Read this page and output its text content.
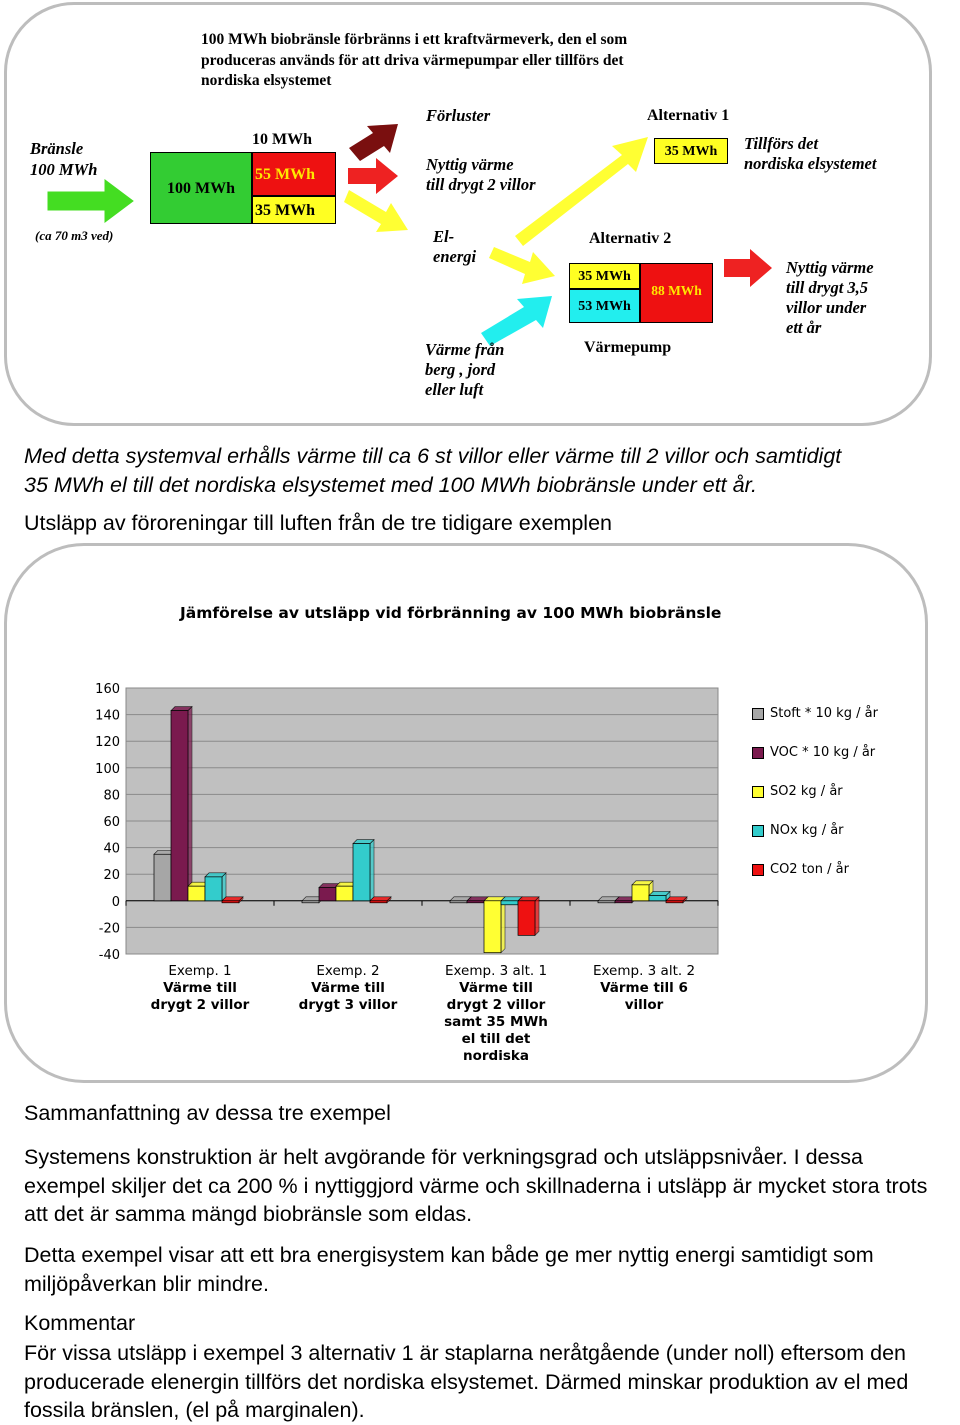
100 MWh biobränsle förbränns i ett kraftvärmeverk, den el som
produceras används för att driva värmepumpar eller tillförs det
nordiska elsystemet
Bränsle
100 MWh
(ca 70 m3 ved)
100 MWh
10 MWh
55 MWh
35 MWh
Förluster
Nyttig värme
till drygt 2 villor
El-
energi
Värme från
berg , jord
eller luft
Alternativ 1
35 MWh	Tillförs det
nordiska elsystemet
Alternativ 2
35 MWh
53 MWh
88 MWh
Värmepump
Nyttig värme
till drygt 3,5
villor under
ett år
Med detta systemval erhålls värme till ca 6 st villor eller värme till 2 villor och samtidigt
35 MWh el till det nordiska elsystemet med 100 MWh biobränsle under ett år.
Utsläpp av föroreningar till luften från de tre tidigare exemplen
Jämförelse av utsläpp vid förbränning av 100 MWh biobränsle
160
140
120
100
80
60
40
20
0
-20
-40
Stoft * 10 kg / år
VOC * 10 kg / år
SO2 kg / år
NOx kg / år
CO2 ton / år
Exemp. 1
Värme till
drygt 2 villor
Exemp. 2
Värme till
drygt 3 villor
Exemp. 3 alt. 1
Värme till
drygt 2 villor
samt 35 MWh
el till det
nordiska
Exemp. 3 alt. 2
Värme till 6
villor
Sammanfattning av dessa tre exempel

Systemens konstruktion är helt avgörande för verkningsgrad och utsläppsnivåer. I dessa exempel skiljer det ca 200 % i nyttiggjord värme och skillnaderna i utsläpp är mycket stora trots att det är samma mängd biobränsle som eldas.

Detta exempel visar att ett bra energisystem kan både ge mer nyttig energi samtidigt som miljöpåverkan blir mindre.

Kommentar

För vissa utsläpp i exempel 3 alternativ 1 är staplarna neråtgående (under noll) eftersom den producerade elenergin tillförs det nordiska elsystemet. Därmed minskar produktion av el med fossila bränslen, (el på marginalen).
